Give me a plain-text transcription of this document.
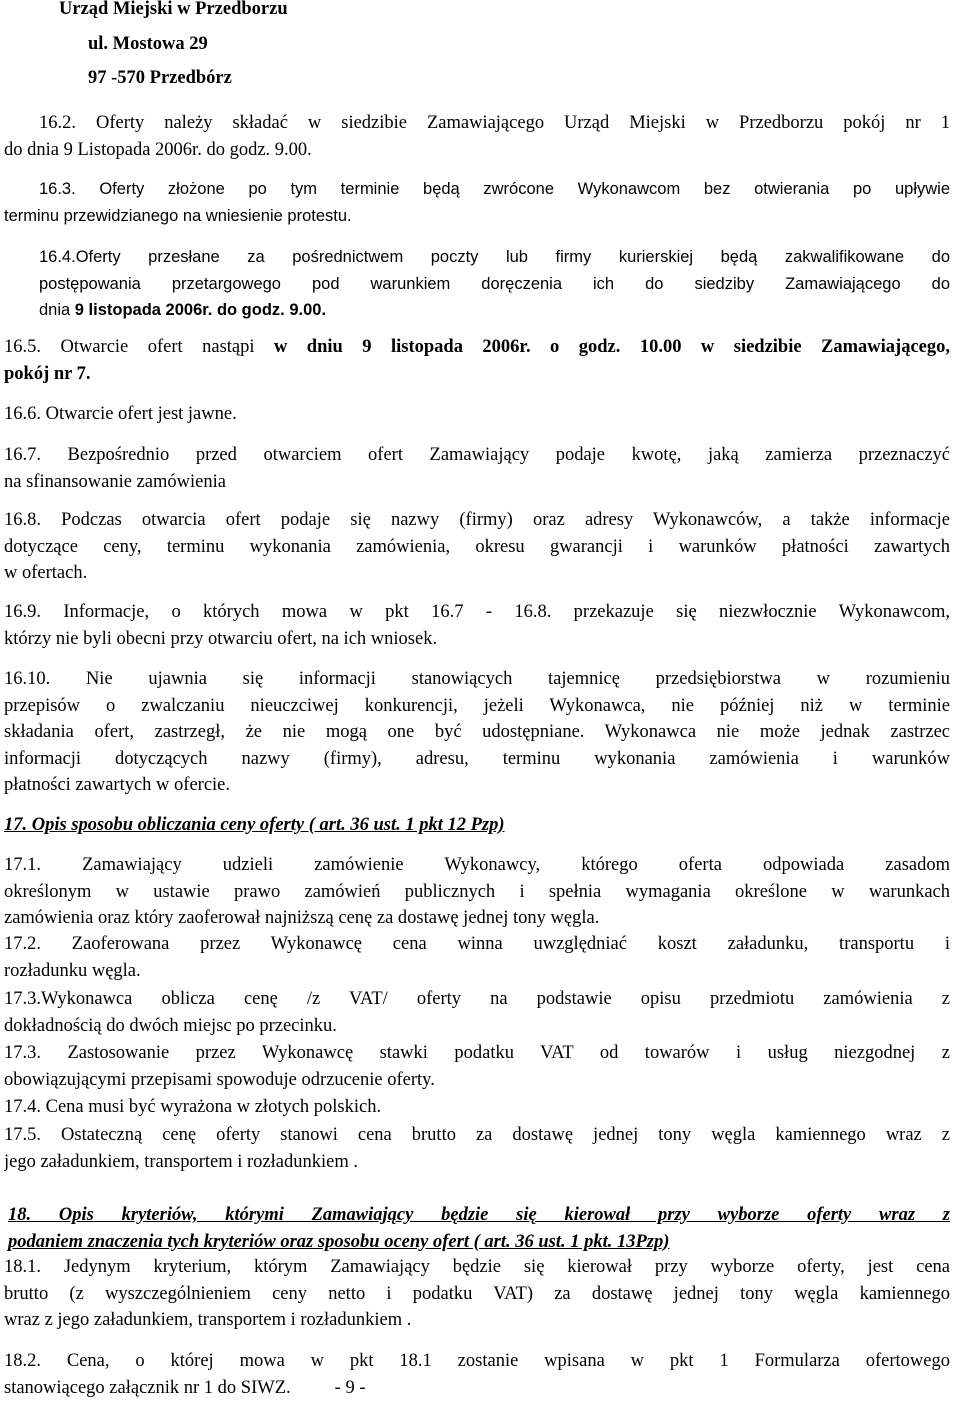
Urząd Miejski w Przedborzu
ul. Mostowa 29
97 -570 Przedbórz
16.2. Oferty należy składać w siedzibie Zamawiającego Urząd Miejski w Przedborzu pokój nr 1
do dnia 9 Listopada 2006r. do godz. 9.00.
16.3. Oferty złożone po tym terminie będą zwrócone Wykonawcom bez otwierania po upływie
terminu przewidzianego na wniesienie protestu.
16.4.Oferty przesłane za pośrednictwem poczty lub firmy kurierskiej będą zakwalifikowane do
postępowania przetargowego pod warunkiem doręczenia ich do siedziby Zamawiającego do
dnia 9 listopada 2006r. do godz. 9.00.
16.5. Otwarcie ofert nastąpi w dniu 9 listopada 2006r. o godz. 10.00 w siedzibie Zamawiającego,
pokój nr 7.
16.6. Otwarcie ofert jest jawne.
16.7. Bezpośrednio przed otwarciem ofert Zamawiający podaje kwotę, jaką zamierza przeznaczyć
na sfinansowanie zamówienia
16.8. Podczas otwarcia ofert podaje się nazwy (firmy) oraz adresy Wykonawców, a także informacje
dotyczące ceny, terminu wykonania zamówienia, okresu gwarancji i warunków płatności zawartych
w ofertach.
16.9. Informacje, o których mowa w pkt 16.7 - 16.8. przekazuje się niezwłocznie Wykonawcom,
którzy nie byli obecni przy otwarciu ofert, na ich wniosek.
16.10. Nie ujawnia się informacji stanowiących tajemnicę przedsiębiorstwa w rozumieniu
przepisów o zwalczaniu nieuczciwej konkurencji, jeżeli Wykonawca, nie później niż w terminie
składania ofert, zastrzegł, że nie mogą one być udostępniane. Wykonawca nie może jednak zastrzec
informacji dotyczących nazwy (firmy), adresu, terminu wykonania zamówienia i warunków
płatności zawartych w ofercie.
17. Opis sposobu obliczania ceny oferty ( art. 36 ust. 1 pkt 12 Pzp)
17.1. Zamawiający udzieli zamówienie Wykonawcy, którego oferta odpowiada zasadom
określonym w ustawie prawo zamówień publicznych i spełnia wymagania określone w warunkach
zamówienia oraz który zaoferował najniższą cenę za dostawę jednej tony węgla.
17.2. Zaoferowana przez Wykonawcę cena winna uwzględniać koszt załadunku, transportu i
rozładunku węgla.
17.3.Wykonawca oblicza cenę /z VAT/ oferty na podstawie opisu przedmiotu zamówienia z
dokładnością do dwóch miejsc po przecinku.
17.3. Zastosowanie przez Wykonawcę stawki podatku VAT od towarów i usług niezgodnej z
obowiązującymi przepisami spowoduje odrzucenie oferty.
17.4. Cena musi być wyrażona w złotych polskich.
17.5. Ostateczną cenę oferty stanowi cena brutto za dostawę jednej tony węgla kamiennego wraz z
jego załadunkiem, transportem i rozładunkiem .
18. Opis kryteriów, którymi Zamawiający będzie się kierował przy wyborze oferty wraz z
podaniem znaczenia tych kryteriów oraz sposobu oceny ofert ( art. 36 ust. 1 pkt. 13Pzp)
18.1. Jedynym kryterium, którym Zamawiający będzie się kierował przy wyborze oferty, jest cena
brutto (z wyszczególnieniem ceny netto i podatku VAT) za dostawę jednej tony węgla kamiennego
wraz z jego załadunkiem, transportem i rozładunkiem .
18.2. Cena, o której mowa w pkt 18.1 zostanie wpisana w pkt 1 Formularza ofertowego
stanowiącego załącznik nr 1 do SIWZ. - 9 -
